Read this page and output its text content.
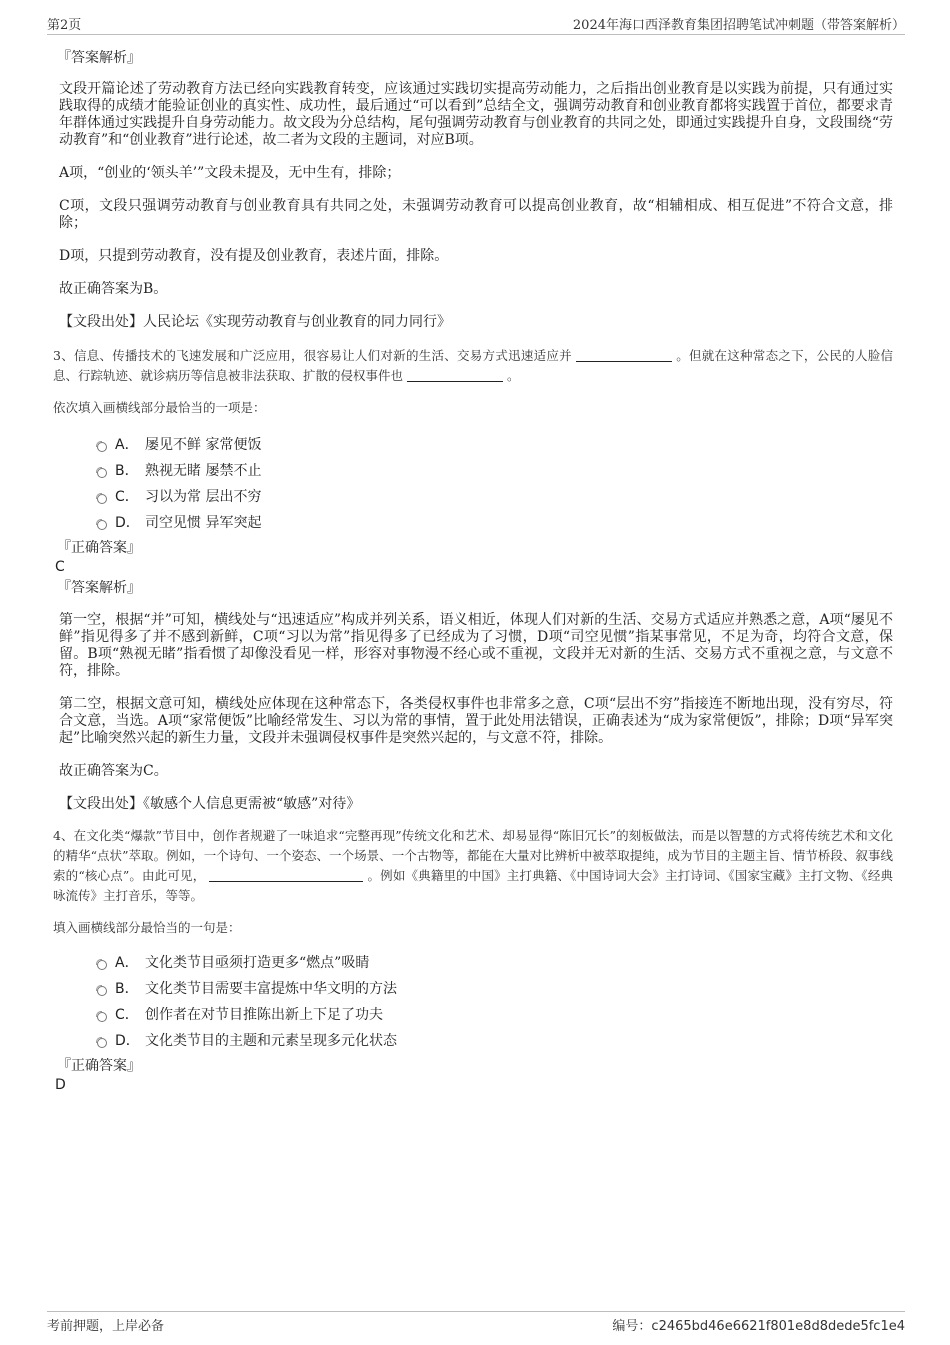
第2页	2024年海口西泽教育集团招聘笔试冲刺题（带答案解析）
『答案解析』

文段开篇论述了劳动教育方法已经向实践教育转变，应该通过实践切实提高劳动能力，之后指出创业教育是以实践为前提，只有通过实践取得的成绩才能验证创业的真实性、成功性，最后通过“可以看到”总结全文，强调劳动教育和创业教育都将实践置于首位，都要求青年群体通过实践提升自身劳动能力。故文段为分总结构，尾句强调劳动教育与创业教育的共同之处，即通过实践提升自身，文段围绕“劳动教育”和“创业教育”进行论述，故二者为文段的主题词，对应B项。

A项，“创业的‘领头羊’”文段未提及，无中生有，排除；

C项，文段只强调劳动教育与创业教育具有共同之处，未强调劳动教育可以提高创业教育，故“相辅相成、相互促进”不符合文意，排除；

D项，只提到劳动教育，没有提及创业教育，表述片面，排除。

故正确答案为B。

【文段出处】人民论坛《实现劳动教育与创业教育的同力同行》

3、信息、传播技术的飞速发展和广泛应用，很容易让人们对新的生活、交易方式迅速适应并	。但就在这种常态之下，公民的人脸信息、行踪轨迹、就诊病历等信息被非法获取、扩散的侵权事件也	。
依次填入画横线部分最恰当的一项是：
A． 屡见不鲜 家常便饭
B． 熟视无睹 屡禁不止
C． 习以为常 层出不穷
D． 司空见惯 异军突起
『正确答案』
C
『答案解析』

第一空，根据“并”可知，横线处与“迅速适应”构成并列关系，语义相近，体现人们对新的生活、交易方式适应并熟悉之意，A项“屡见不鲜”指见得多了并不感到新鲜，C项“习以为常”指见得多了已经成为了习惯，D项“司空见惯”指某事常见，不足为奇，均符合文意，保留。B项“熟视无睹”指看惯了却像没看见一样，形容对事物漫不经心或不重视，文段并无对新的生活、交易方式不重视之意，与文意不符，排除。

第二空，根据文意可知，横线处应体现在这种常态下，各类侵权事件也非常多之意，C项“层出不穷”指接连不断地出现，没有穷尽，符合文意，当选。A项“家常便饭”比喻经常发生、习以为常的事情，置于此处用法错误，正确表述为“成为家常便饭”，排除；D项“异军突起”比喻突然兴起的新生力量，文段并未强调侵权事件是突然兴起的，与文意不符，排除。

故正确答案为C。

【文段出处】《敏感个人信息更需被“敏感”对待》

4、在文化类“爆款”节目中，创作者规避了一味追求“完整再现”传统文化和艺术、却易显得“陈旧冗长”的刻板做法，而是以智慧的方式将传统艺术和文化的精华“点状”萃取。例如，一个诗句、一个姿态、一个场景、一个古物等，都能在大量对比辨析中被萃取提纯，成为节目的主题主旨、情节桥段、叙事线索的“核心点”。由此可见，	。例如《典籍里的中国》主打典籍、《中国诗词大会》主打诗词、《国家宝藏》主打文物、《经典咏流传》主打音乐，等等。
填入画横线部分最恰当的一句是：
A． 文化类节目亟须打造更多“燃点”吸睛
B． 文化类节目需要丰富提炼中华文明的方法
C． 创作者在对节目推陈出新上下足了功夫
D． 文化类节目的主题和元素呈现多元化状态
『正确答案』
D
考前押题，上岸必备	编号：c2465bd46e6621f801e8d8dede5fc1e4
